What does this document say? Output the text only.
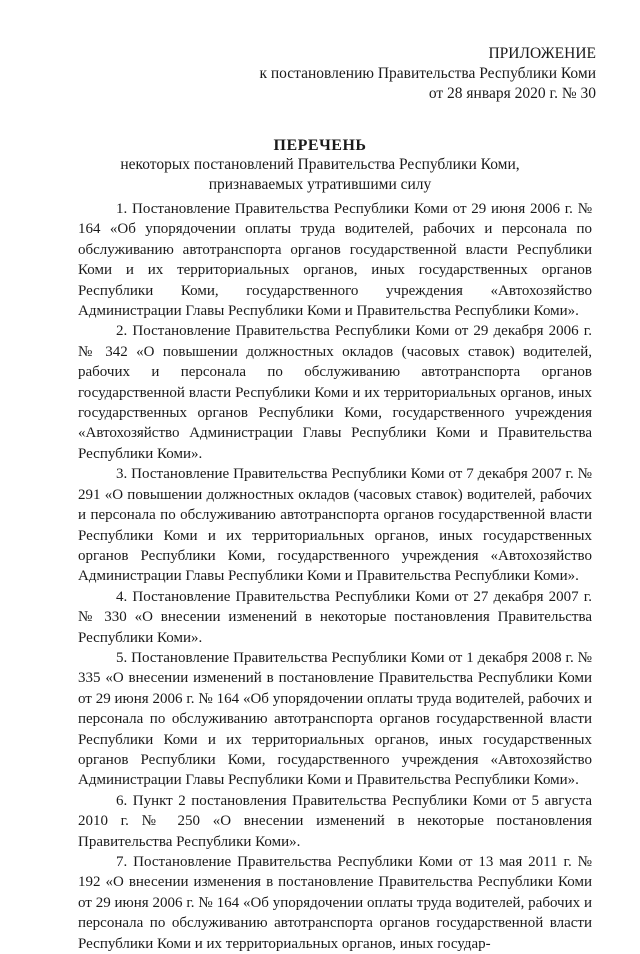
ПРИЛОЖЕНИЕ
к постановлению Правительства Республики Коми
от 28 января 2020 г. № 30
ПЕРЕЧЕНЬ
некоторых постановлений Правительства Республики Коми,
признаваемых утратившими силу

1. Постановление Правительства Республики Коми от 29 июня 2006 г. № 164 «Об упорядочении оплаты труда водителей, рабочих и персонала по обслуживанию автотранспорта органов государственной власти Республики Коми и их территориальных органов, иных государственных органов Республики Коми, государственного учреждения «Автохозяйство Администрации Главы Республики Коми и Правительства Республики Коми».

2. Постановление Правительства Республики Коми от 29 декабря 2006 г. № 342 «О повышении должностных окладов (часовых ставок) водителей, рабочих и персонала по обслуживанию автотранспорта органов государственной власти Республики Коми и их территориальных органов, иных государственных органов Республики Коми, государственного учреждения «Автохозяйство Администрации Главы Республики Коми и Правительства Республики Коми».

3. Постановление Правительства Республики Коми от 7 декабря 2007 г. № 291 «О повышении должностных окладов (часовых ставок) водителей, рабочих и персонала по обслуживанию автотранспорта органов государственной власти Республики Коми и их территориальных органов, иных государственных органов Республики Коми, государственного учреждения «Автохозяйство Администрации Главы Республики Коми и Правительства Республики Коми».

4. Постановление Правительства Республики Коми от 27 декабря 2007 г. № 330 «О внесении изменений в некоторые постановления Правительства Республики Коми».

5. Постановление Правительства Республики Коми от 1 декабря 2008 г. № 335 «О внесении изменений в постановление Правительства Республики Коми от 29 июня 2006 г. № 164 «Об упорядочении оплаты труда водителей, рабочих и персонала по обслуживанию автотранспорта органов государственной власти Республики Коми и их территориальных органов, иных государственных органов Республики Коми, государственного учреждения «Автохозяйство Администрации Главы Республики Коми и Правительства Республики Коми».

6. Пункт 2 постановления Правительства Республики Коми от 5 августа 2010 г. № 250 «О внесении изменений в некоторые постановления Правительства Республики Коми».

7. Постановление Правительства Республики Коми от 13 мая 2011 г. № 192 «О внесении изменения в постановление Правительства Республики Коми от 29 июня 2006 г. № 164 «Об упорядочении оплаты труда водителей, рабочих и персонала по обслуживанию автотранспорта органов государственной власти Республики Коми и их территориальных органов, иных государ-
